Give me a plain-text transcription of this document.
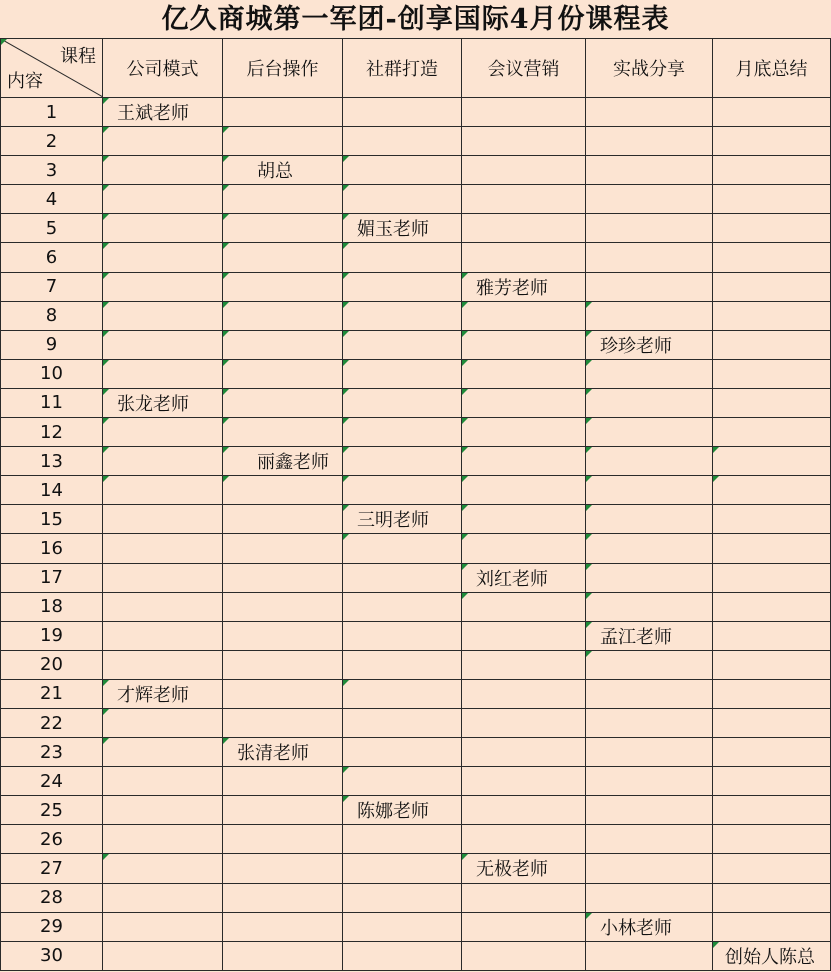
亿久商城第一军团-创享国际4月份课程表
课程
内容	公司模式	后台操作	社群打造	会议营销	实战分享	月底总结
1	王斌老师					
2	

3		胡总	

4	

5			媚玉老师			
6	

7				雅芳老师		
8	

9					珍珍老师	
10	

11	张龙老师	

12	

13		丽鑫老师	

14	

15			三明老师	

16			

17				刘红老师	

18				

19					孟江老师	
20					

21	才辉老师		

22	

23		张清老师				
24			

25			陈娜老师			
26						
27				无极老师		
28						
29					小林老师	
30						创始人陈总
